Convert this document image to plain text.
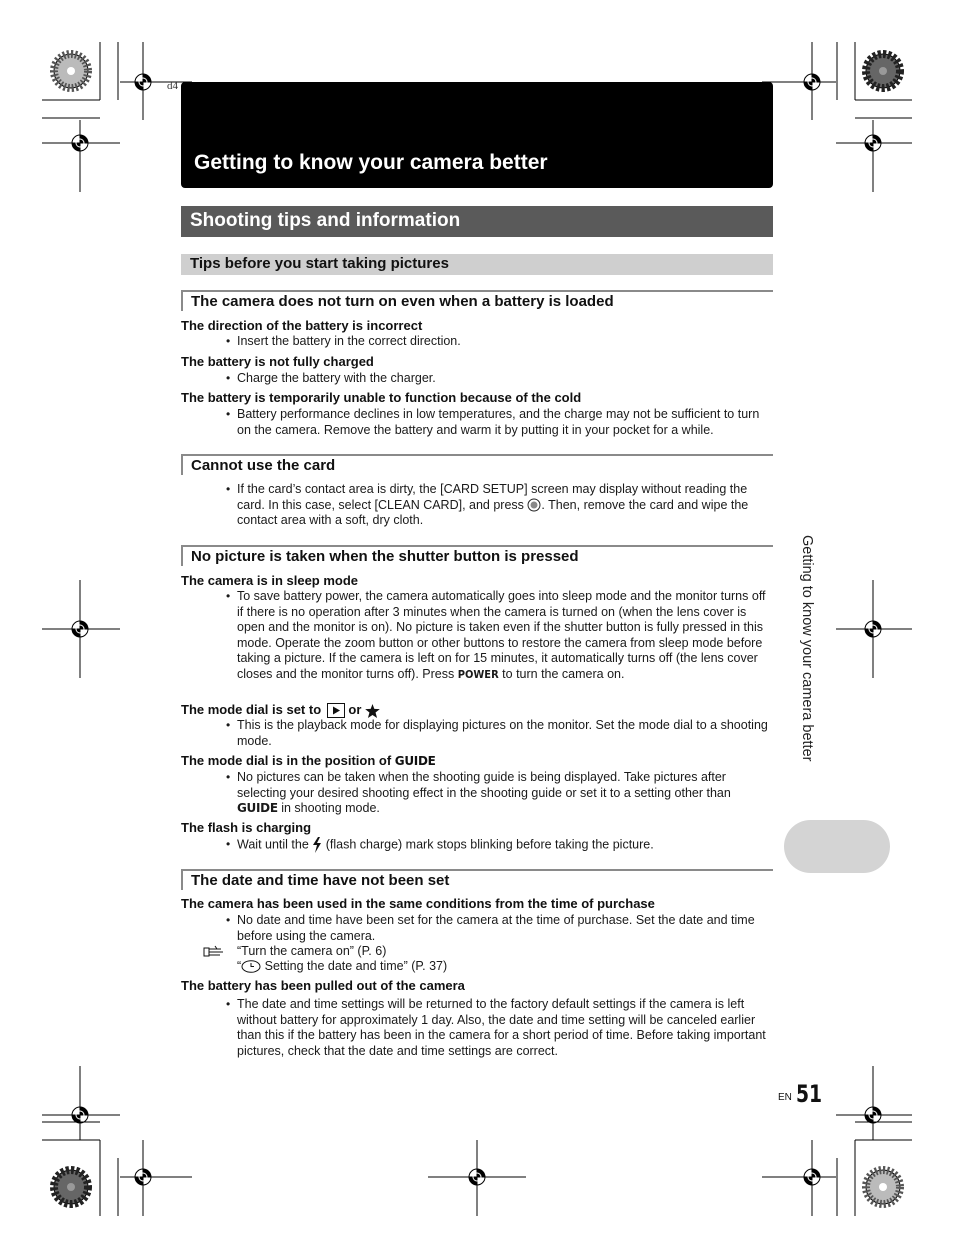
d4
Getting to know your camera better
Shooting tips and information
Tips before you start taking pictures
The camera does not turn on even when a battery is loaded
The direction of the battery is incorrect
• Insert the battery in the correct direction.
The battery is not fully charged
• Charge the battery with the charger.
The battery is temporarily unable to function because of the cold
• Battery performance declines in low temperatures, and the charge may not be sufficient to turn on the camera. Remove the battery and warm it by putting it in your pocket for a while.
Cannot use the card
• If the card’s contact area is dirty, the [CARD SETUP] screen may display without reading the card. In this case, select [CLEAN CARD], and press . Then, remove the card and wipe the contact area with a soft, dry cloth.
No picture is taken when the shutter button is pressed
The camera is in sleep mode
• To save battery power, the camera automatically goes into sleep mode and the monitor turns off if there is no operation after 3 minutes when the camera is turned on (when the lens cover is open and the monitor is on). No picture is taken even if the shutter button is fully pressed in this mode. Operate the zoom button or other buttons to restore the camera from sleep mode before taking a picture. If the camera is left on for 15 minutes, it automatically turns off (the lens cover closes and the monitor turns off). Press POWER to turn the camera on.
The mode dial is set to or
• This is the playback mode for displaying pictures on the monitor. Set the mode dial to a shooting mode.
The mode dial is in the position of GUIDE
• No pictures can be taken when the shooting guide is being displayed. Take pictures after selecting your desired shooting effect in the shooting guide or set it to a setting other than GUIDE in shooting mode.
The flash is charging
• Wait until the (flash charge) mark stops blinking before taking the picture.
The date and time have not been set
The camera has been used in the same conditions from the time of purchase
• No date and time have been set for the camera at the time of purchase. Set the date and time before using the camera.
“Turn the camera on” (P. 6)
“ Setting the date and time” (P. 37)
The battery has been pulled out of the camera
• The date and time settings will be returned to the factory default settings if the camera is left without battery for approximately 1 day. Also, the date and time setting will be canceled earlier than this if the battery has been in the camera for a short period of time. Before taking important pictures, check that the date and time settings are correct.
Getting to know your camera better
EN 51
